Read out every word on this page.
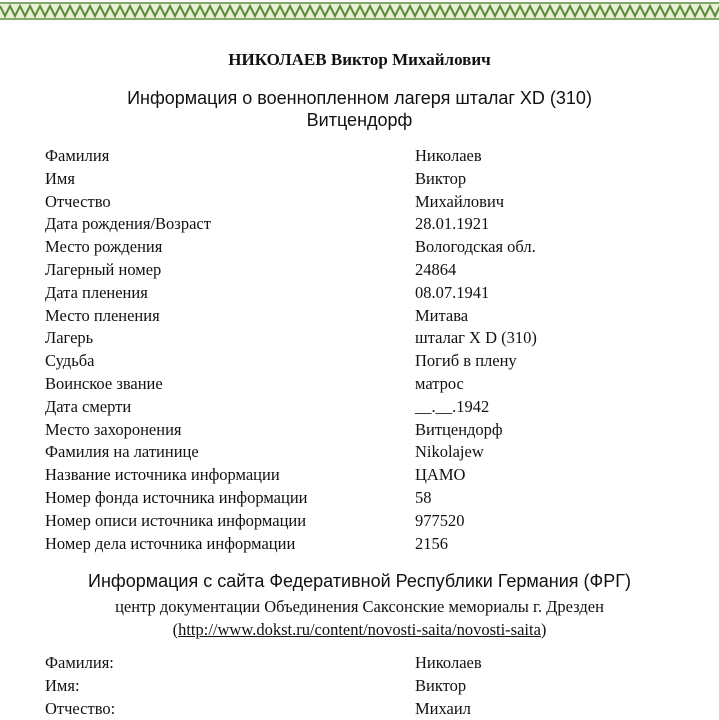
НИКОЛАЕВ Виктор Михайлович
Информация о военнопленном лагеря шталаг XD (310)
Витцендорф
Фамилия	Николаев
Имя	Виктор
Отчество	Михайлович
Дата рождения/Возраст	28.01.1921
Место рождения	Вологодская обл.
Лагерный номер	24864
Дата пленения	08.07.1941
Место пленения	Митава
Лагерь	шталаг X D (310)
Судьба	Погиб в плену
Воинское звание	матрос
Дата смерти	__.__.1942
Место захоронения	Витцендорф
Фамилия на латинице	Nikolajew
Название источника информации	ЦАМО
Номер фонда источника информации	58
Номер описи источника информации	977520
Номер дела источника информации	2156
Информация с сайта Федеративной Республики Германия (ФРГ)
центр документации Объединения Саксонские мемориалы г. Дрезден
(http://www.dokst.ru/content/novosti-saita/novosti-saita)
Фамилия:	Николаев
Имя:	Виктор
Отчество:	Михаил
